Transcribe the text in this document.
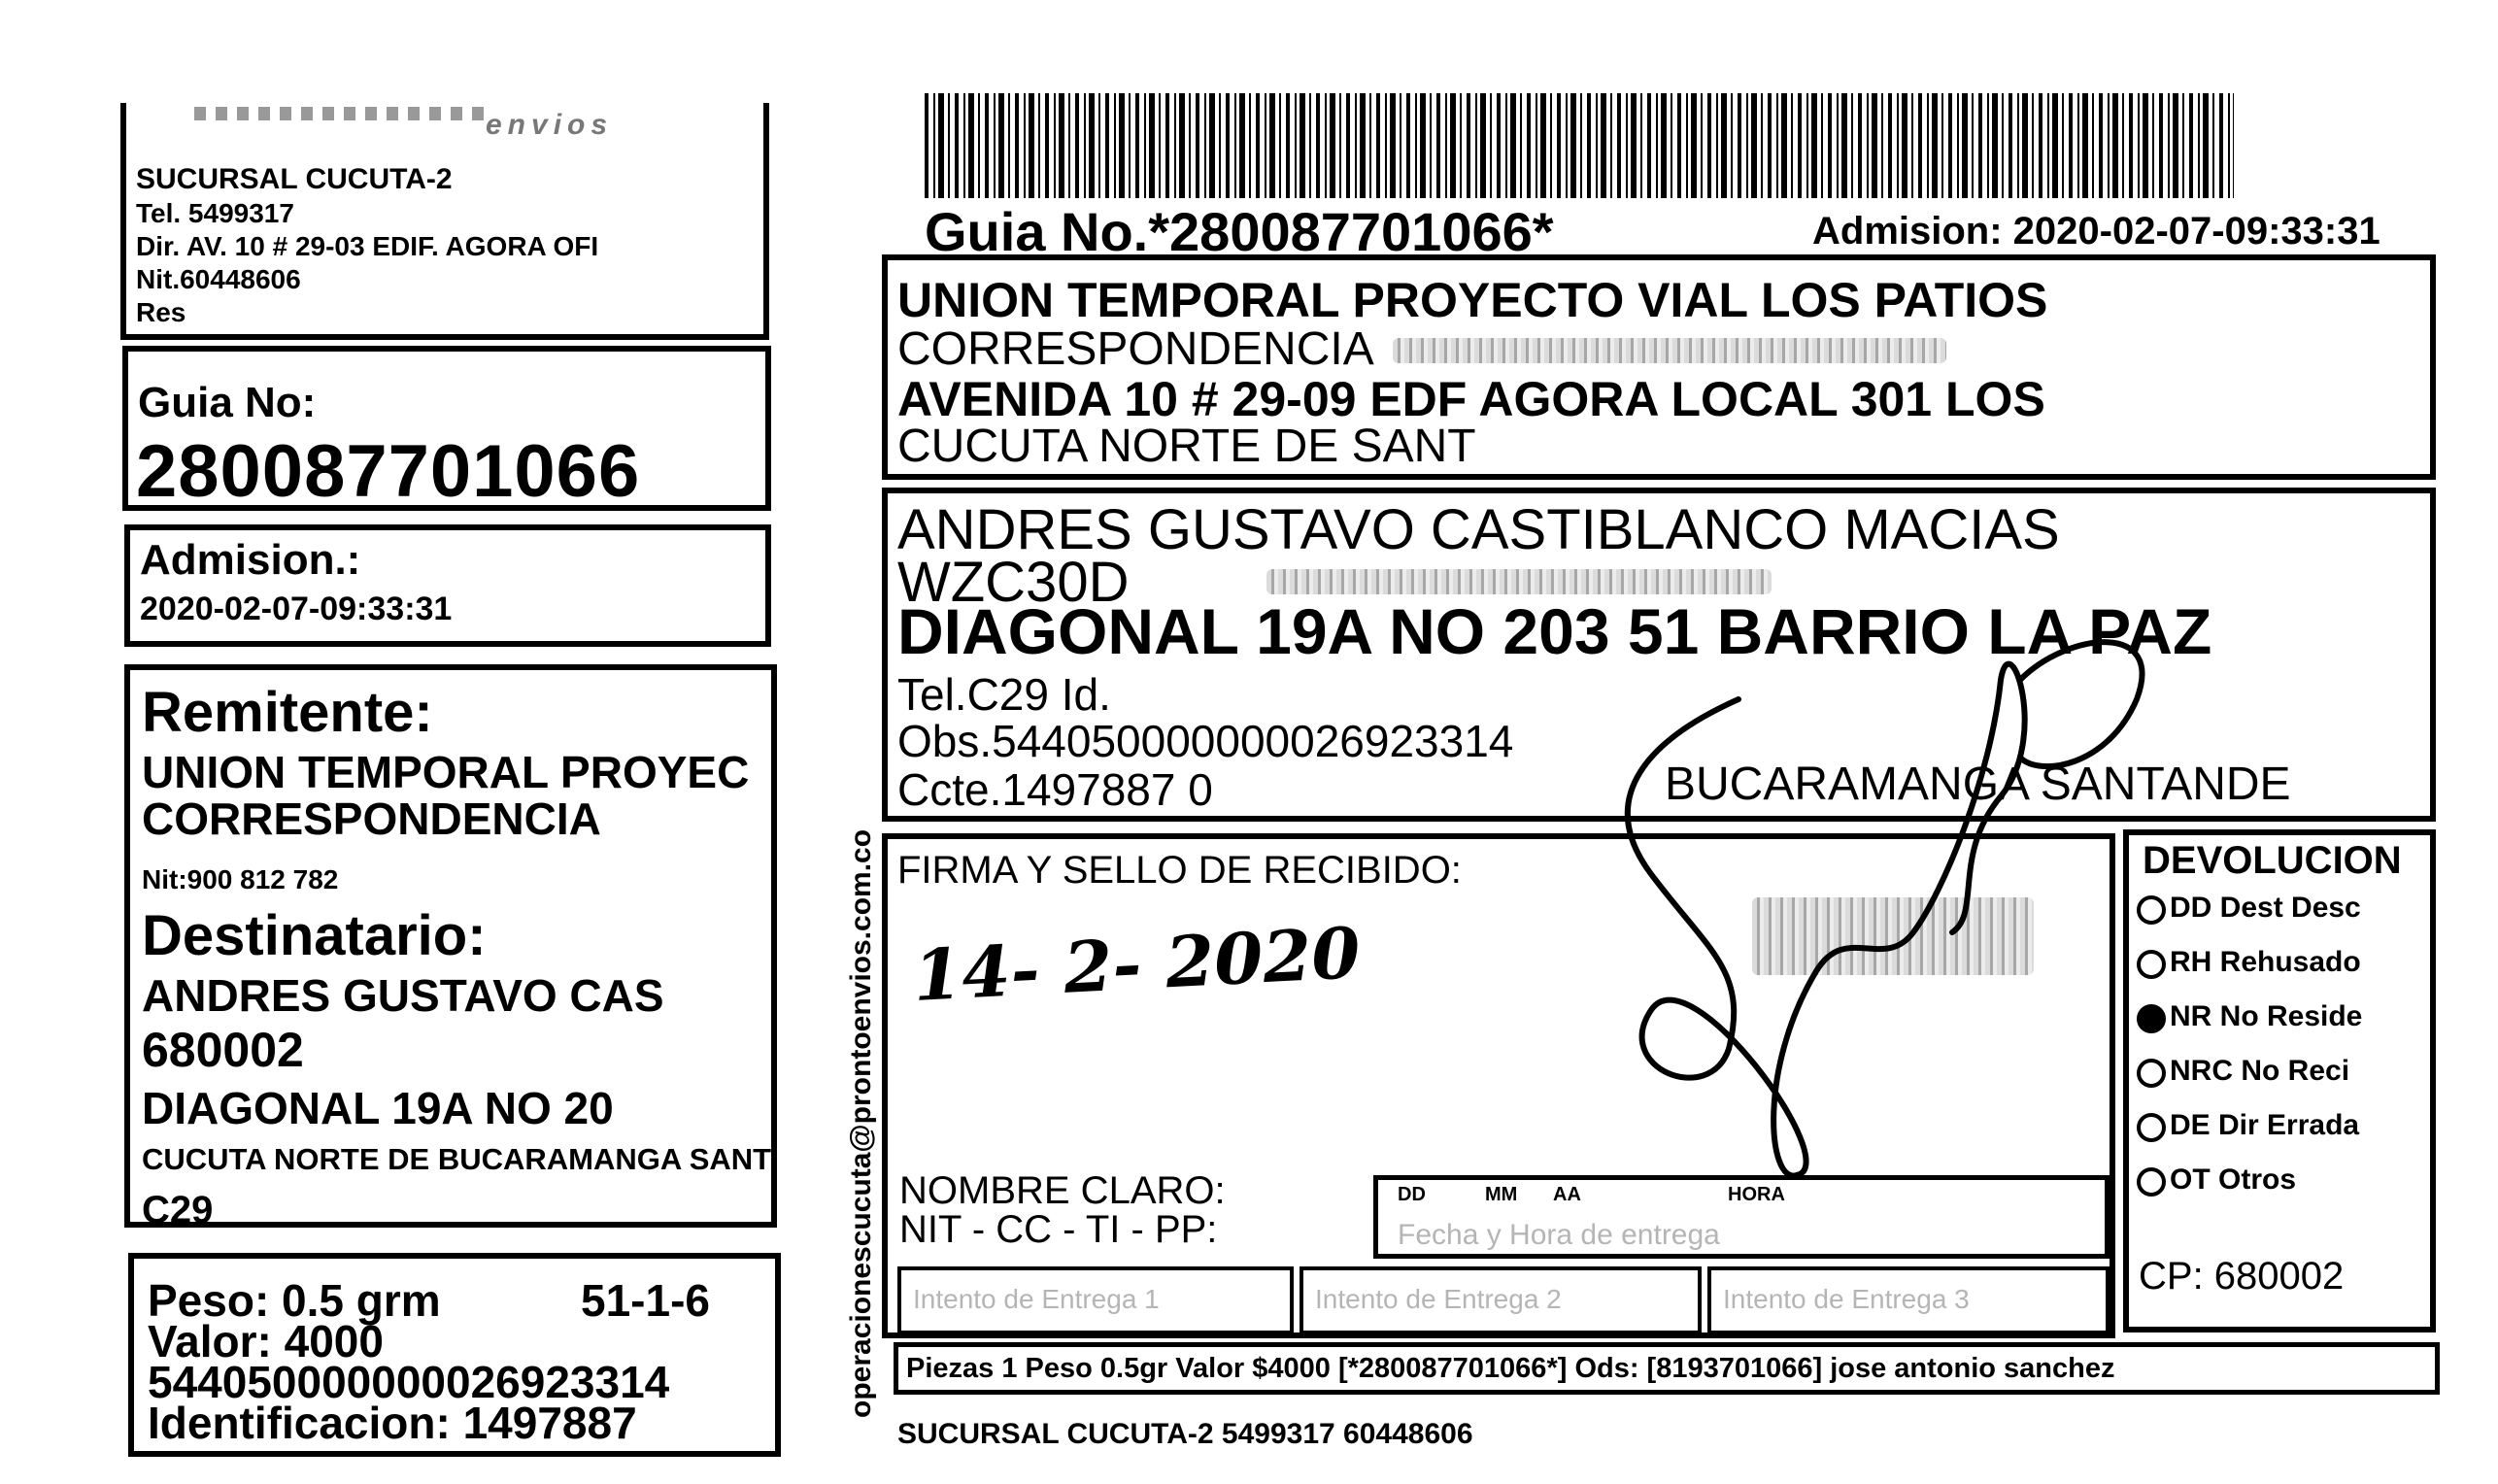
envios
SUCURSAL CUCUTA-2
Tel. 5499317
Dir. AV. 10 # 29-03 EDIF. AGORA OFI
Nit.60448606
Res
Guia No:
280087701066
Admision.:
2020-02-07-09:33:31
Remitente:
UNION TEMPORAL PROYEC
CORRESPONDENCIA
Nit:900 812 782
Destinatario:
ANDRES GUSTAVO CAS
680002
DIAGONAL 19A NO 20
CUCUTA NORTE DE BUCARAMANGA SANT
C29
Peso: 0.5 grm	51-1-6
Valor: 4000
544050000000026923314
Identificacion: 1497887
operacionescucuta@prontoenvios.com.co
Guia No.*280087701066*	Admision: 2020-02-07-09:33:31
UNION TEMPORAL PROYECTO VIAL LOS PATIOS
CORRESPONDENCIA
AVENIDA 10 # 29-09 EDF AGORA LOCAL 301 LOS
CUCUTA NORTE DE SANT
ANDRES GUSTAVO CASTIBLANCO MACIAS
WZC30D
DIAGONAL 19A NO 203 51 BARRIO LA PAZ
Tel.C29 Id.
Obs.544050000000026923314
Ccte.1497887 0	BUCARAMANGA SANTANDE
FIRMA Y SELLO DE RECIBIDO:
14- 2- 2020
NOMBRE CLARO:
NIT - CC - TI - PP:
DD	MM AA	HORA
Fecha y Hora de entrega
Intento de Entrega 1	Intento de Entrega 2	Intento de Entrega 3
DEVOLUCION
DD Dest Desc
RH Rehusado
NR No Reside
NRC No Reci
DE Dir Errada
OT Otros
CP: 680002
Piezas 1 Peso 0.5gr Valor $4000 [*280087701066*] Ods: [8193701066] jose antonio sanchez
SUCURSAL CUCUTA-2 5499317 60448606
